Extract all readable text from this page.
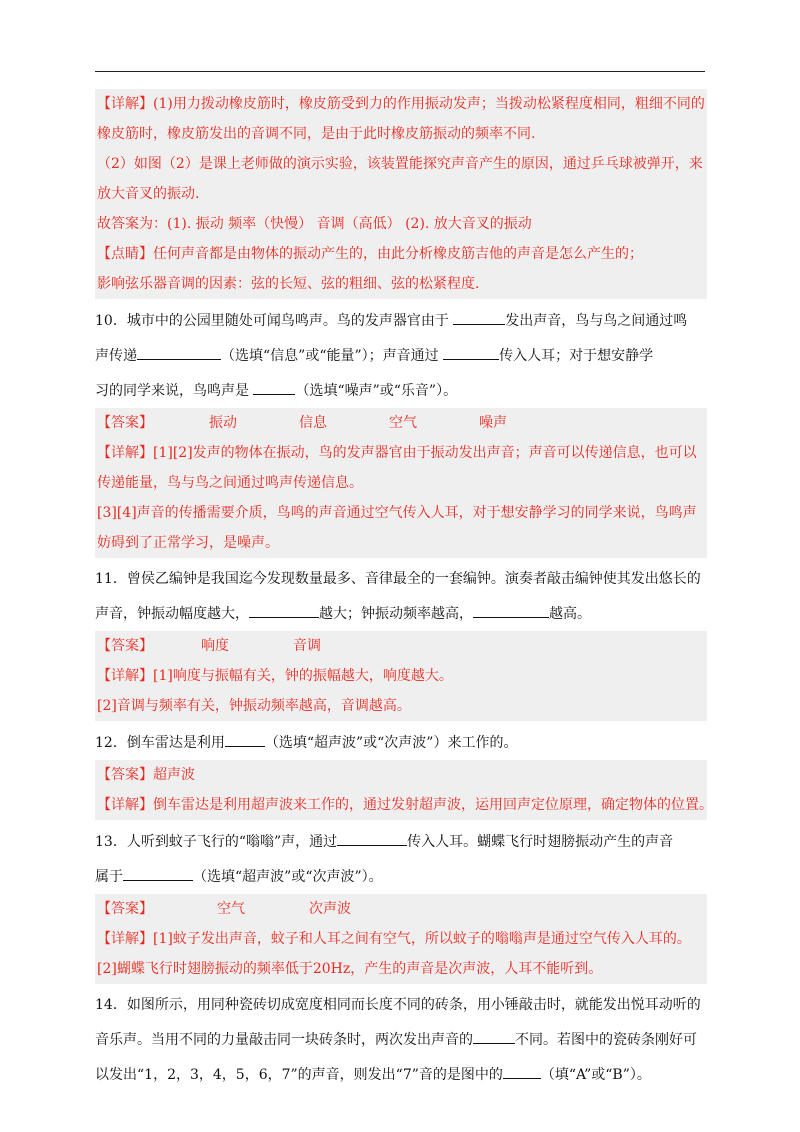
【详解】(1)用力拨动橡皮筋时，橡皮筋受到力的作用振动发声；当拨动松紧程度相同，粗细不同的
橡皮筋时，橡皮筋发出的音调不同，是由于此时橡皮筋振动的频率不同.
（2）如图（2）是课上老师做的演示实验，该装置能探究声音产生的原因，通过乒乓球被弹开，来
放大音叉的振动.
故答案为：(1). 振动 频率（快慢） 音调（高低） (2). 放大音叉的振动
【点睛】任何声音都是由物体的振动产生的，由此分析橡皮筋吉他的声音是怎么产生的；
影响弦乐器音调的因素：弦的长短、弦的粗细、弦的松紧程度.
10．城市中的公园里随处可闻鸟鸣声。鸟的发声器官由于	发出声音，鸟与鸟之间通过鸣
声传递	（选填“信息”或“能量”）；声音通过	传入人耳；对于想安静学
习的同学来说，鸟鸣声是	（选填“噪声”或“乐音”）。
【答案】	振动	信息	空气	噪声
【详解】[1][2]发声的物体在振动，鸟的发声器官由于振动发出声音；声音可以传递信息，也可以
传递能量，鸟与鸟之间通过鸣声传递信息。
[3][4]声音的传播需要介质，鸟鸣的声音通过空气传入人耳，对于想安静学习的同学来说，鸟鸣声
妨碍到了正常学习，是噪声。
11．曾侯乙编钟是我国迄今发现数量最多、音律最全的一套编钟。演奏者敲击编钟使其发出悠长的
声音，钟振动幅度越大，	越大；钟振动频率越高，	越高。
【答案】	响度	音调
【详解】[1]响度与振幅有关，钟的振幅越大，响度越大。
[2]音调与频率有关，钟振动频率越高，音调越高。
12．倒车雷达是利用	（选填“超声波”或“次声波”）来工作的。
【答案】超声波
【详解】倒车雷达是利用超声波来工作的，通过发射超声波，运用回声定位原理，确定物体的位置。
13．人听到蚊子飞行的“嗡嗡”声，通过	传入人耳。蝴蝶飞行时翅膀振动产生的声音
属于	（选填“超声波”或“次声波”）。
【答案】	空气	次声波
【详解】[1]蚊子发出声音，蚊子和人耳之间有空气，所以蚊子的嗡嗡声是通过空气传入人耳的。
[2]蝴蝶飞行时翅膀振动的频率低于20Hz，产生的声音是次声波，人耳不能听到。
14．如图所示，用同种瓷砖切成宽度相同而长度不同的砖条，用小锤敲击时，就能发出悦耳动听的
音乐声。当用不同的力量敲击同一块砖条时，两次发出声音的	不同。若图中的瓷砖条刚好可
以发出“1，2，3，4，5，6，7”的声音，则发出“7”音的是图中的	（填“A”或“B”）。
